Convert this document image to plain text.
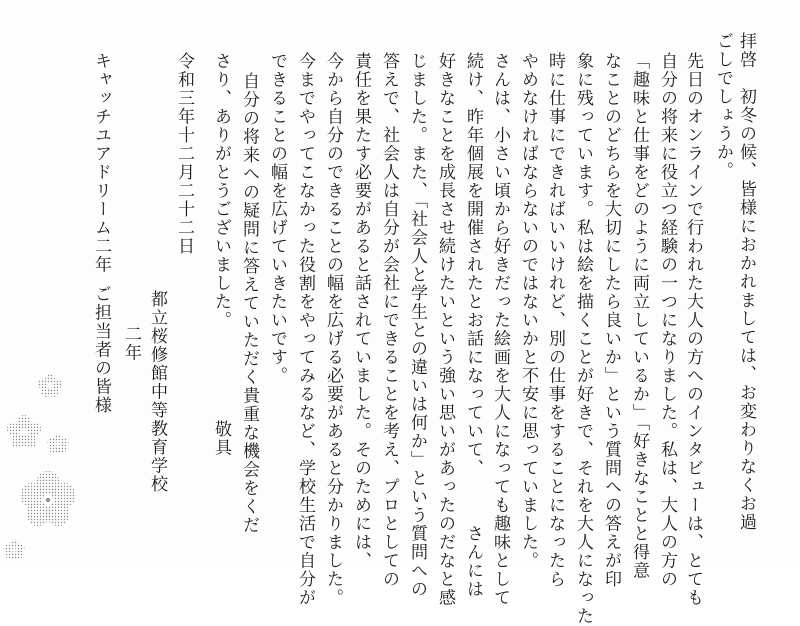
拝啓　初冬の候、皆様におかれましては、お変わりなくお過
ごしでしょうか。
先日のオンラインで行われた大人の方へのインタビューは、とても
自分の将来に役立つ経験の一つになりました。私は、大人の方の
「趣味と仕事をどのように両立しているか」「好きなことと得意
なことのどちらを大切にしたら良いか」という質問への答えが印
象に残っています。私は絵を描くことが好きで、それを大人になった
時に仕事にできればいいけれど、別の仕事をすることになったら
やめなければならないのではないかと不安に思っていました。
さんは、小さい頃から好きだった絵画を大人になっても趣味として
続け、昨年個展を開催されたとお話になっていて、　　　さんには
好きなことを成長させ続けたいという強い思いがあったのだなと感
じました。また、「社会人と学生との違いは何か」という質問への
答えで、社会人は自分が会社にできることを考え、プロとしての
責任を果たす必要があると話されていました。そのためには、
今から自分のできることの幅を広げる必要があると分かりました。
今までやってこなかった役割をやってみるなど、学校生活で自分が
できることの幅を広げていきたいです。
自分の将来への疑問に答えていただく貴重な機会をくだ
さり、ありがとうございました。
敬具
令和三年十二月二十二日
都立桜修館中等教育学校
二年
キャッチユアドリーム二年
ご担当者の皆様
